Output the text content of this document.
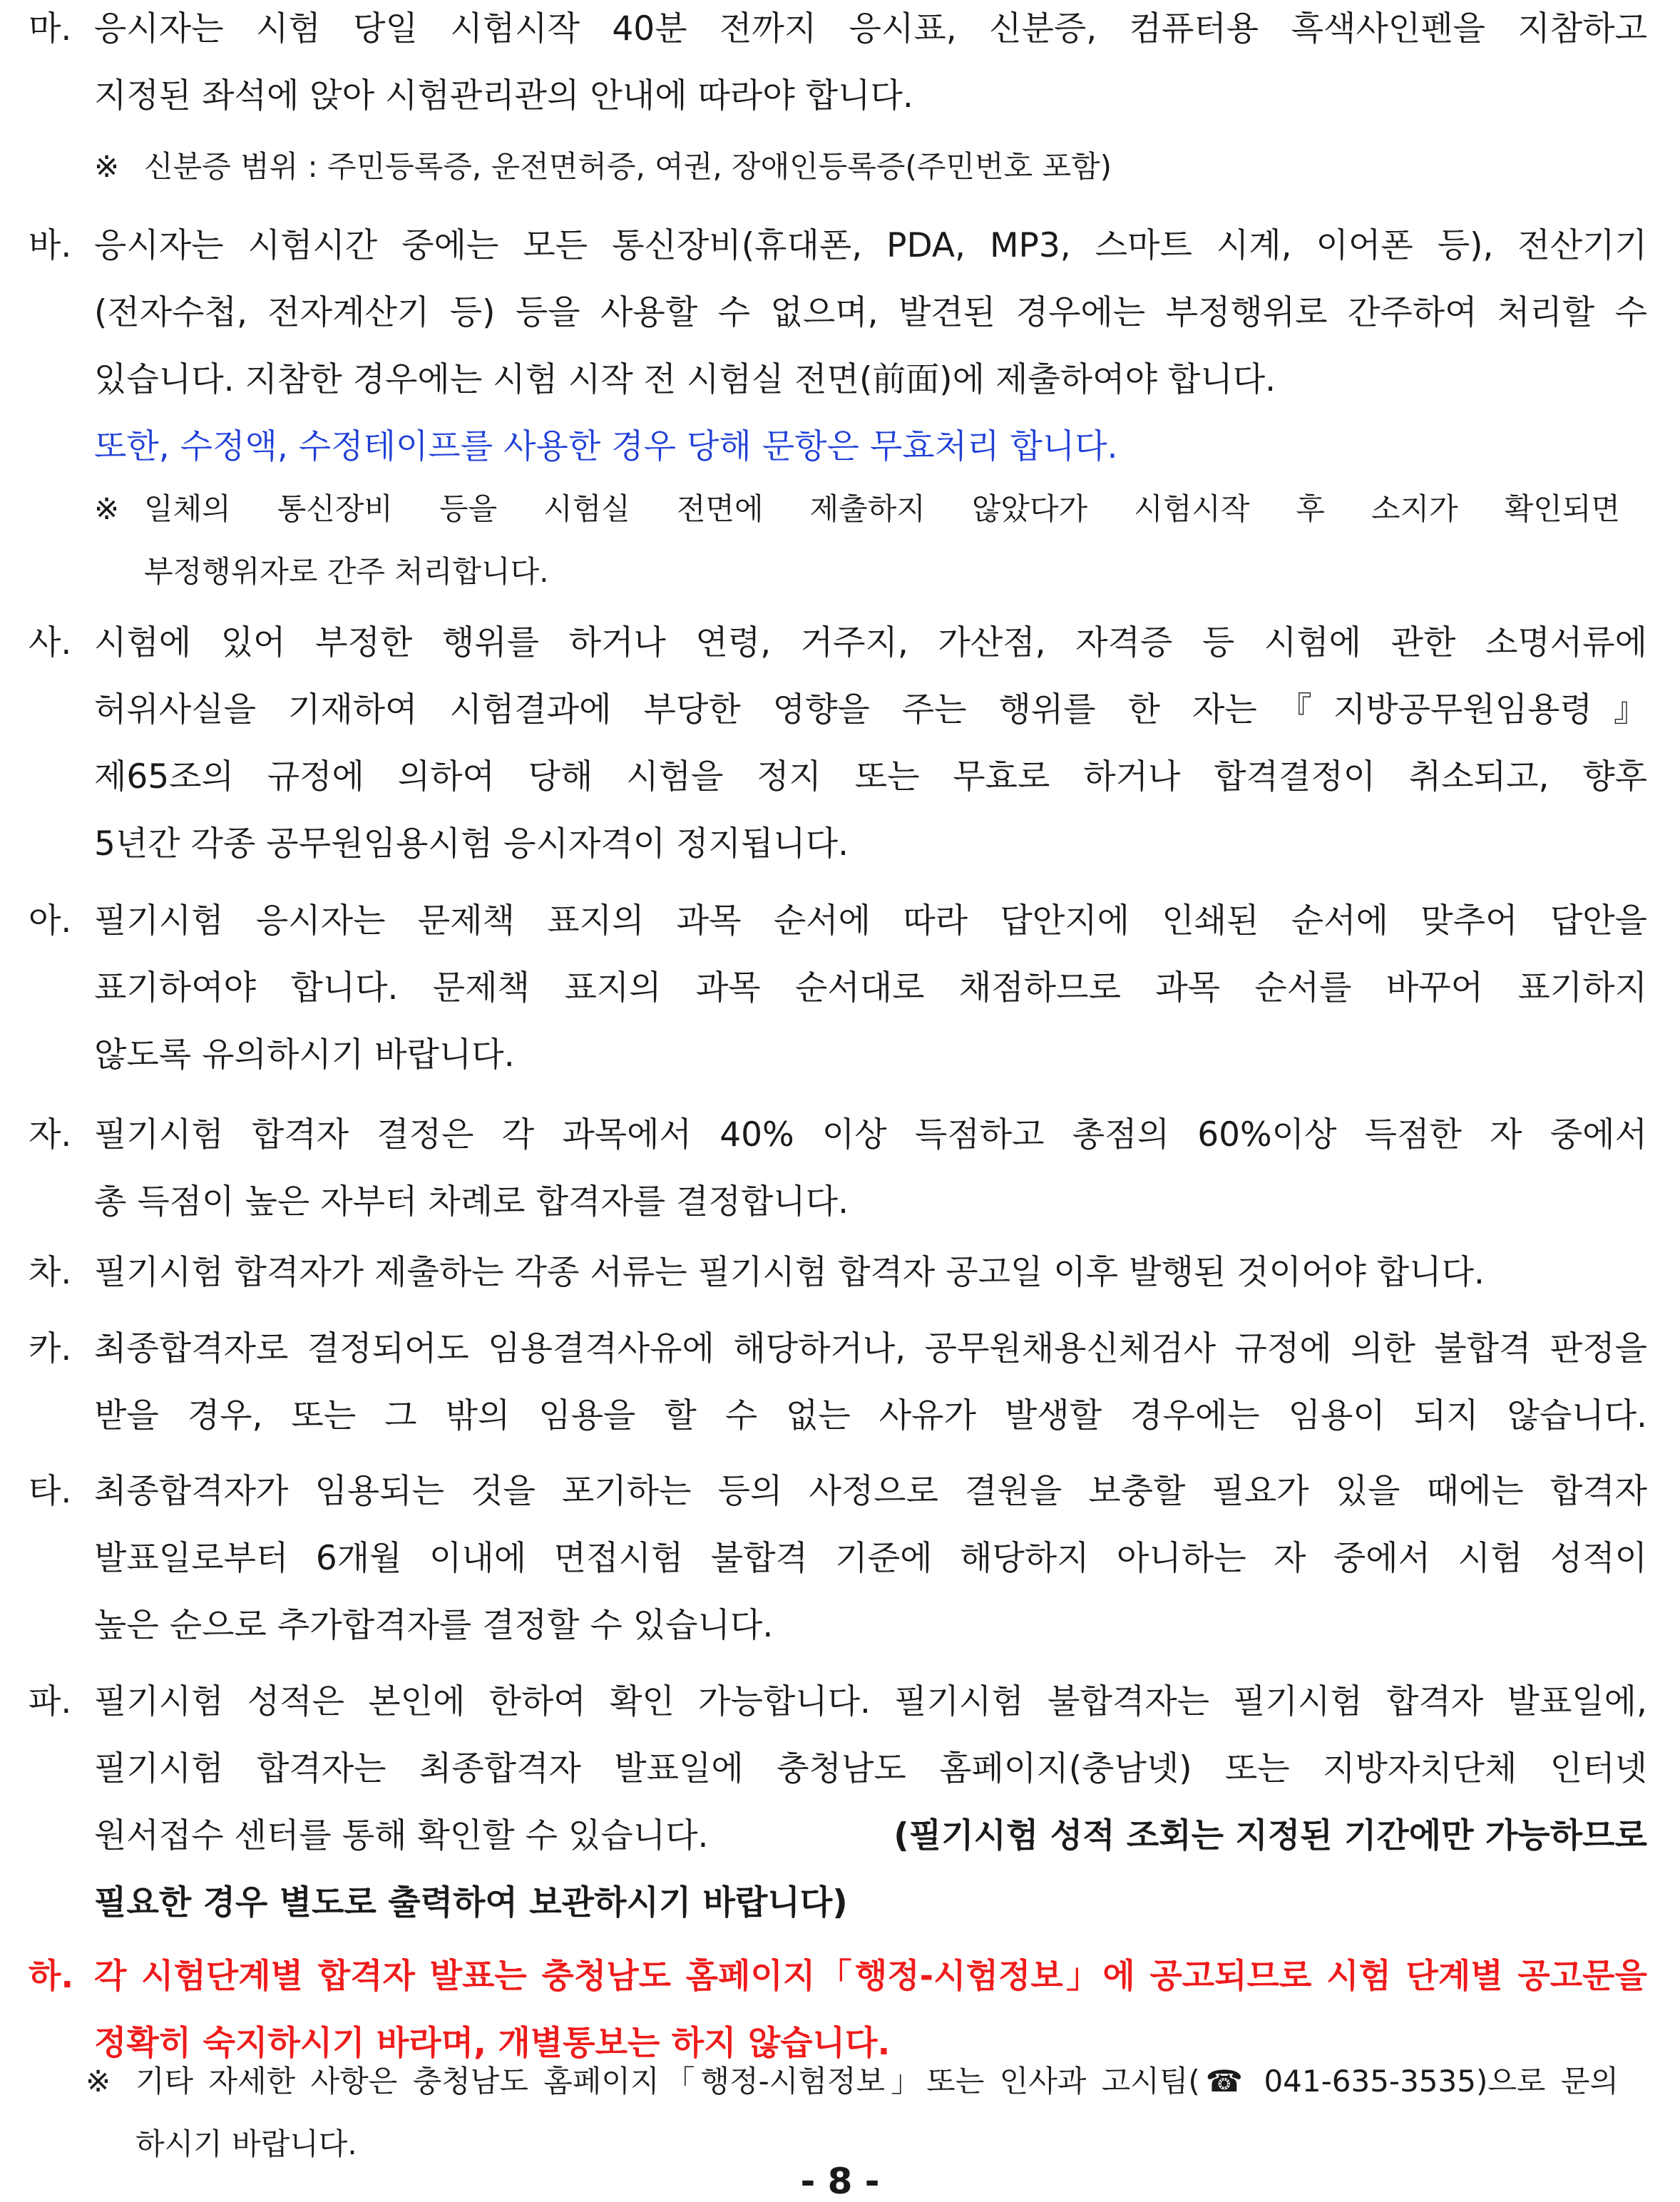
마. 응시자는 시험 당일 시험시작 40분 전까지 응시표, 신분증, 컴퓨터용 흑색사인펜을 지참하고
지정된 좌석에 앉아 시험관리관의 안내에 따라야 합니다.
※ 신분증 범위 : 주민등록증, 운전면허증, 여권, 장애인등록증(주민번호 포함)
바. 응시자는 시험시간 중에는 모든 통신장비(휴대폰, PDA, MP3, 스마트 시계, 이어폰 등), 전산기기
(전자수첩, 전자계산기 등) 등을 사용할 수 없으며, 발견된 경우에는 부정행위로 간주하여 처리할 수
있습니다. 지참한 경우에는 시험 시작 전 시험실 전면(前面)에 제출하여야 합니다.
또한, 수정액, 수정테이프를 사용한 경우 당해 문항은 무효처리 합니다.
※ 일체의 통신장비 등을 시험실 전면에 제출하지 않았다가 시험시작 후 소지가 확인되면
부정행위자로 간주 처리합니다.
사. 시험에 있어 부정한 행위를 하거나 연령, 거주지, 가산점, 자격증 등 시험에 관한 소명서류에
허위사실을 기재하여 시험결과에 부당한 영향을 주는 행위를 한 자는『지방공무원임용령』
제65조의 규정에 의하여 당해 시험을 정지 또는 무효로 하거나 합격결정이 취소되고, 향후
5년간 각종 공무원임용시험 응시자격이 정지됩니다.
아. 필기시험 응시자는 문제책 표지의 과목 순서에 따라 답안지에 인쇄된 순서에 맞추어 답안을
표기하여야 합니다. 문제책 표지의 과목 순서대로 채점하므로 과목 순서를 바꾸어 표기하지
않도록 유의하시기 바랍니다.
자. 필기시험 합격자 결정은 각 과목에서 40% 이상 득점하고 총점의 60%이상 득점한 자 중에서
총 득점이 높은 자부터 차례로 합격자를 결정합니다.
차. 필기시험 합격자가 제출하는 각종 서류는 필기시험 합격자 공고일 이후 발행된 것이어야 합니다.
카. 최종합격자로 결정되어도 임용결격사유에 해당하거나, 공무원채용신체검사 규정에 의한 불합격 판정을
받을 경우, 또는 그 밖의 임용을 할 수 없는 사유가 발생할 경우에는 임용이 되지 않습니다.
타. 최종합격자가 임용되는 것을 포기하는 등의 사정으로 결원을 보충할 필요가 있을 때에는 합격자
발표일로부터 6개월 이내에 면접시험 불합격 기준에 해당하지 아니하는 자 중에서 시험 성적이
높은 순으로 추가합격자를 결정할 수 있습니다.
파. 필기시험 성적은 본인에 한하여 확인 가능합니다. 필기시험 불합격자는 필기시험 합격자 발표일에,
필기시험 합격자는 최종합격자 발표일에 충청남도 홈페이지(충남넷) 또는 지방자치단체 인터넷
원서접수 센터를 통해 확인할 수 있습니다.	(필기시험 성적 조회는 지정된 기간에만 가능하므로
필요한 경우 별도로 출력하여 보관하시기 바랍니다)
하. 각 시험단계별 합격자 발표는 충청남도 홈페이지「행정-시험정보」에 공고되므로 시험 단계별 공고문을
정확히 숙지하시기 바라며, 개별통보는 하지 않습니다.
※ 기타 자세한 사항은 충청남도 홈페이지「행정-시험정보」또는 인사과 고시팀(☎ 041-635-3535)으로 문의
하시기 바랍니다.
- 8 -
